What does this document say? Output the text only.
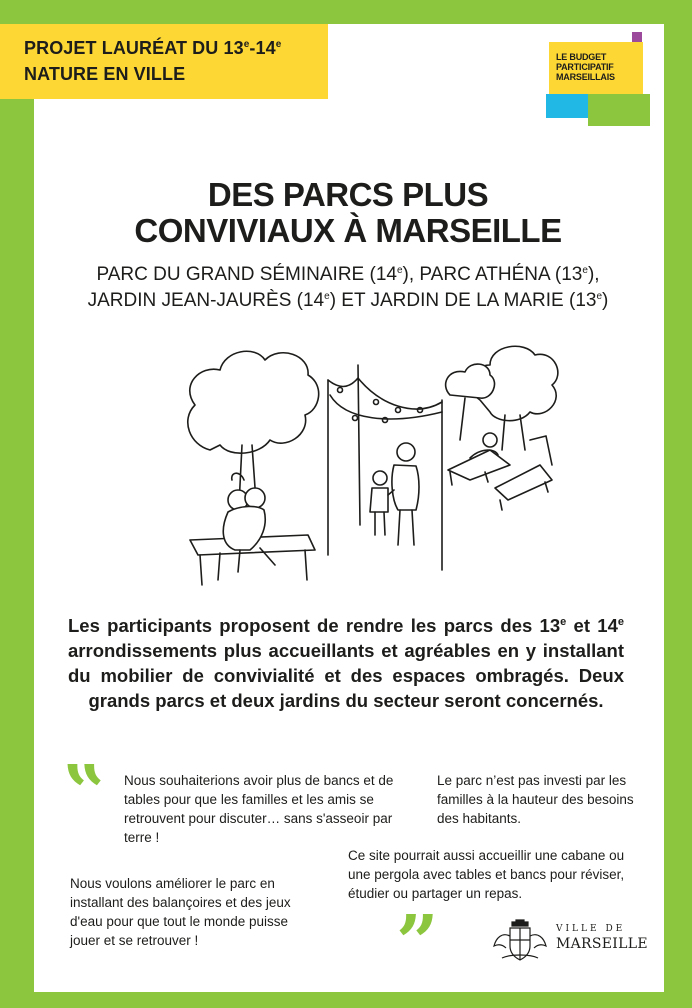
PROJET LAURÉAT DU 13e-14e
NATURE EN VILLE
LE BUDGET PARTICIPATIF MARSEILLAIS
DES PARCS PLUS
CONVIVIAUX À MARSEILLE
PARC DU GRAND SÉMINAIRE (14e), PARC ATHÉNA (13e),
JARDIN JEAN-JAURÈS (14e) ET JARDIN DE LA MARIE (13e)
Les participants proposent de rendre les parcs des 13e et 14e arrondissements plus accueillants et agréables en y installant du mobilier de convivialité et des espaces ombragés. Deux grands parcs et deux jardins du secteur seront concernés.
‟
”
Nous souhaiterions avoir plus de bancs et de tables pour que les familles et les amis se retrouvent pour discuter… sans s'asseoir par terre !
Le parc n’est pas investi par les familles à la hauteur des besoins des habitants.
Ce site pourrait aussi accueillir une cabane ou une pergola avec tables et bancs pour réviser, étudier ou partager un repas.
Nous voulons améliorer le parc en installant des balançoires et des jeux d'eau pour que tout le monde puisse jouer et se retrouver !
VILLE DE
MARSEILLE
